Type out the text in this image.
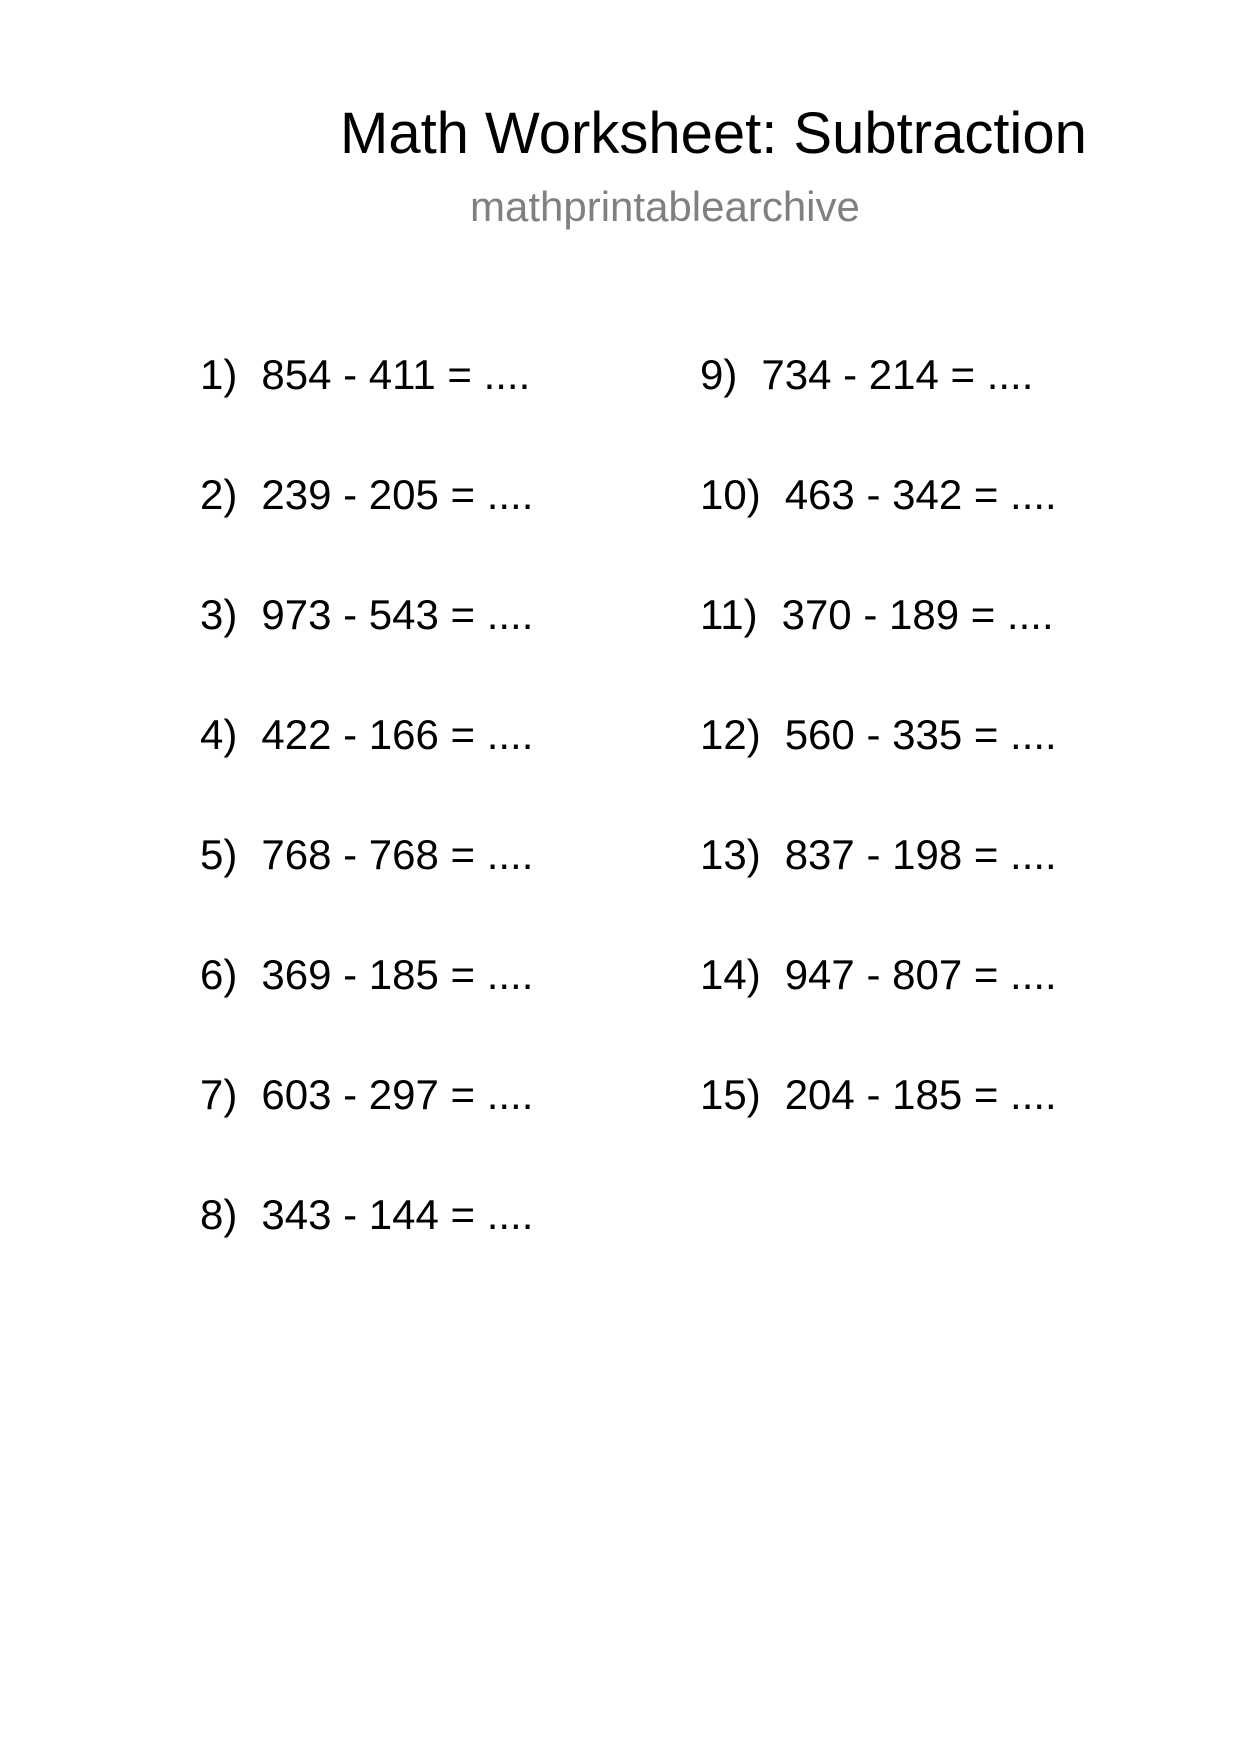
Math Worksheet: Subtraction
mathprintablearchive
1) 854 - 411 = ....
2) 239 - 205 = ....
3) 973 - 543 = ....
4) 422 - 166 = ....
5) 768 - 768 = ....
6) 369 - 185 = ....
7) 603 - 297 = ....
8) 343 - 144 = ....
9) 734 - 214 = ....
10) 463 - 342 = ....
11) 370 - 189 = ....
12) 560 - 335 = ....
13) 837 - 198 = ....
14) 947 - 807 = ....
15) 204 - 185 = ....
